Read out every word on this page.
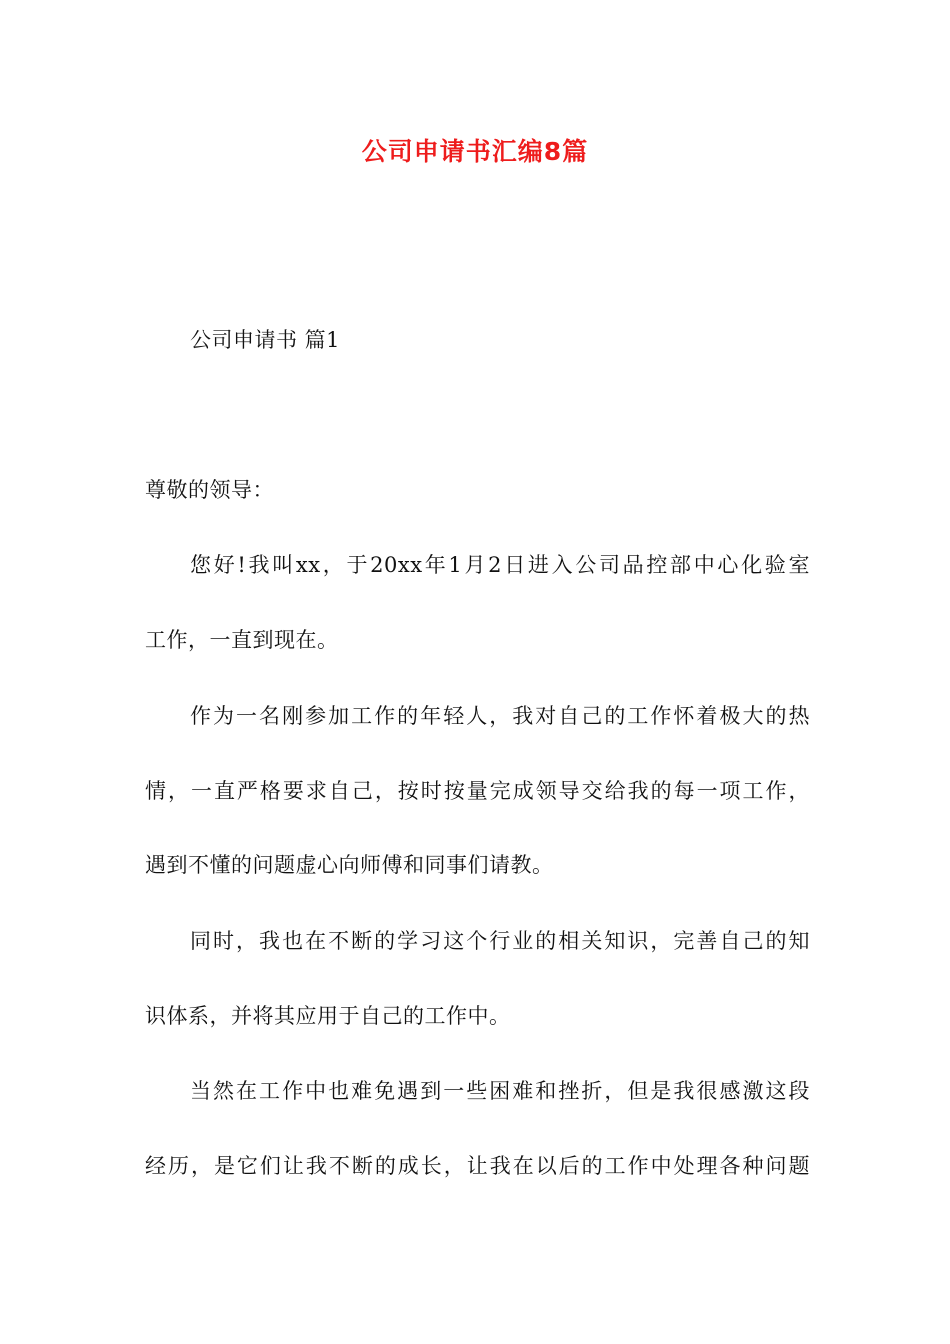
公司申请书汇编8篇
公司申请书 篇1
尊敬的领导：
您好!我叫xx，于20xx年1月2日进入公司品控部中心化验室
工作，一直到现在。
作为一名刚参加工作的年轻人，我对自己的工作怀着极大的热
情，一直严格要求自己，按时按量完成领导交给我的每一项工作，
遇到不懂的问题虚心向师傅和同事们请教。
同时，我也在不断的学习这个行业的相关知识，完善自己的知
识体系，并将其应用于自己的工作中。
当然在工作中也难免遇到一些困难和挫折，但是我很感激这段
经历，是它们让我不断的成长，让我在以后的工作中处理各种问题
